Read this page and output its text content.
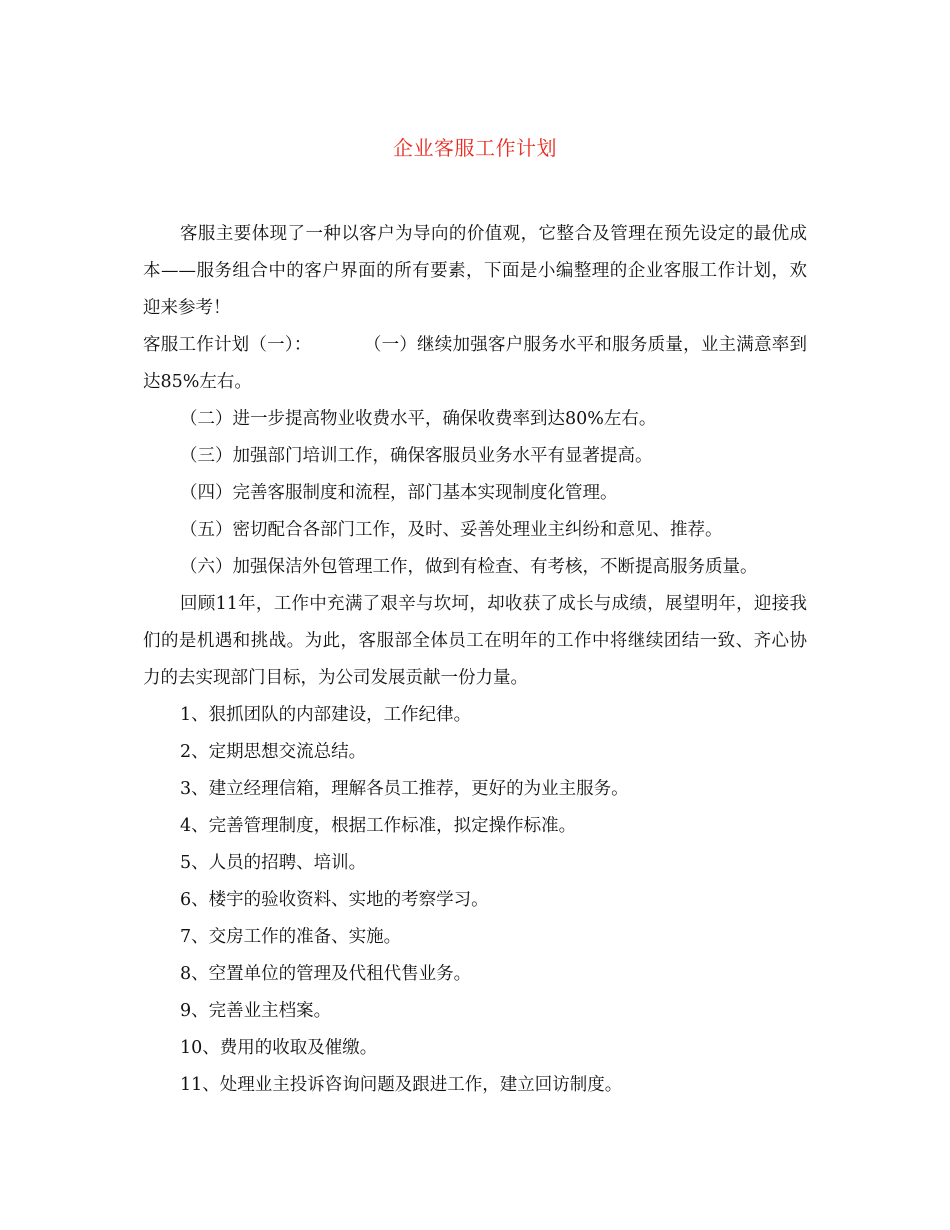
企业客服工作计划

客服主要体现了一种以客户为导向的价值观，它整合及管理在预先设定的最优成本——服务组合中的客户界面的所有要素，下面是小编整理的企业客服工作计划，欢迎来参考！

客服工作计划（一）：	（一）继续加强客户服务水平和服务质量，业主满意率到达85%左右。

（二）进一步提高物业收费水平，确保收费率到达80%左右。

（三）加强部门培训工作，确保客服员业务水平有显著提高。

（四）完善客服制度和流程，部门基本实现制度化管理。

（五）密切配合各部门工作，及时、妥善处理业主纠纷和意见、推荐。

（六）加强保洁外包管理工作，做到有检查、有考核，不断提高服务质量。

回顾11年，工作中充满了艰辛与坎坷，却收获了成长与成绩，展望明年，迎接我们的是机遇和挑战。为此，客服部全体员工在明年的工作中将继续团结一致、齐心协力的去实现部门目标，为公司发展贡献一份力量。

1、狠抓团队的内部建设，工作纪律。

2、定期思想交流总结。

3、建立经理信箱，理解各员工推荐，更好的为业主服务。

4、完善管理制度，根据工作标准，拟定操作标准。

5、人员的招聘、培训。

6、楼宇的验收资料、实地的考察学习。

7、交房工作的准备、实施。

8、空置单位的管理及代租代售业务。

9、完善业主档案。

10、费用的收取及催缴。

11、处理业主投诉咨询问题及跟进工作，建立回访制度。
